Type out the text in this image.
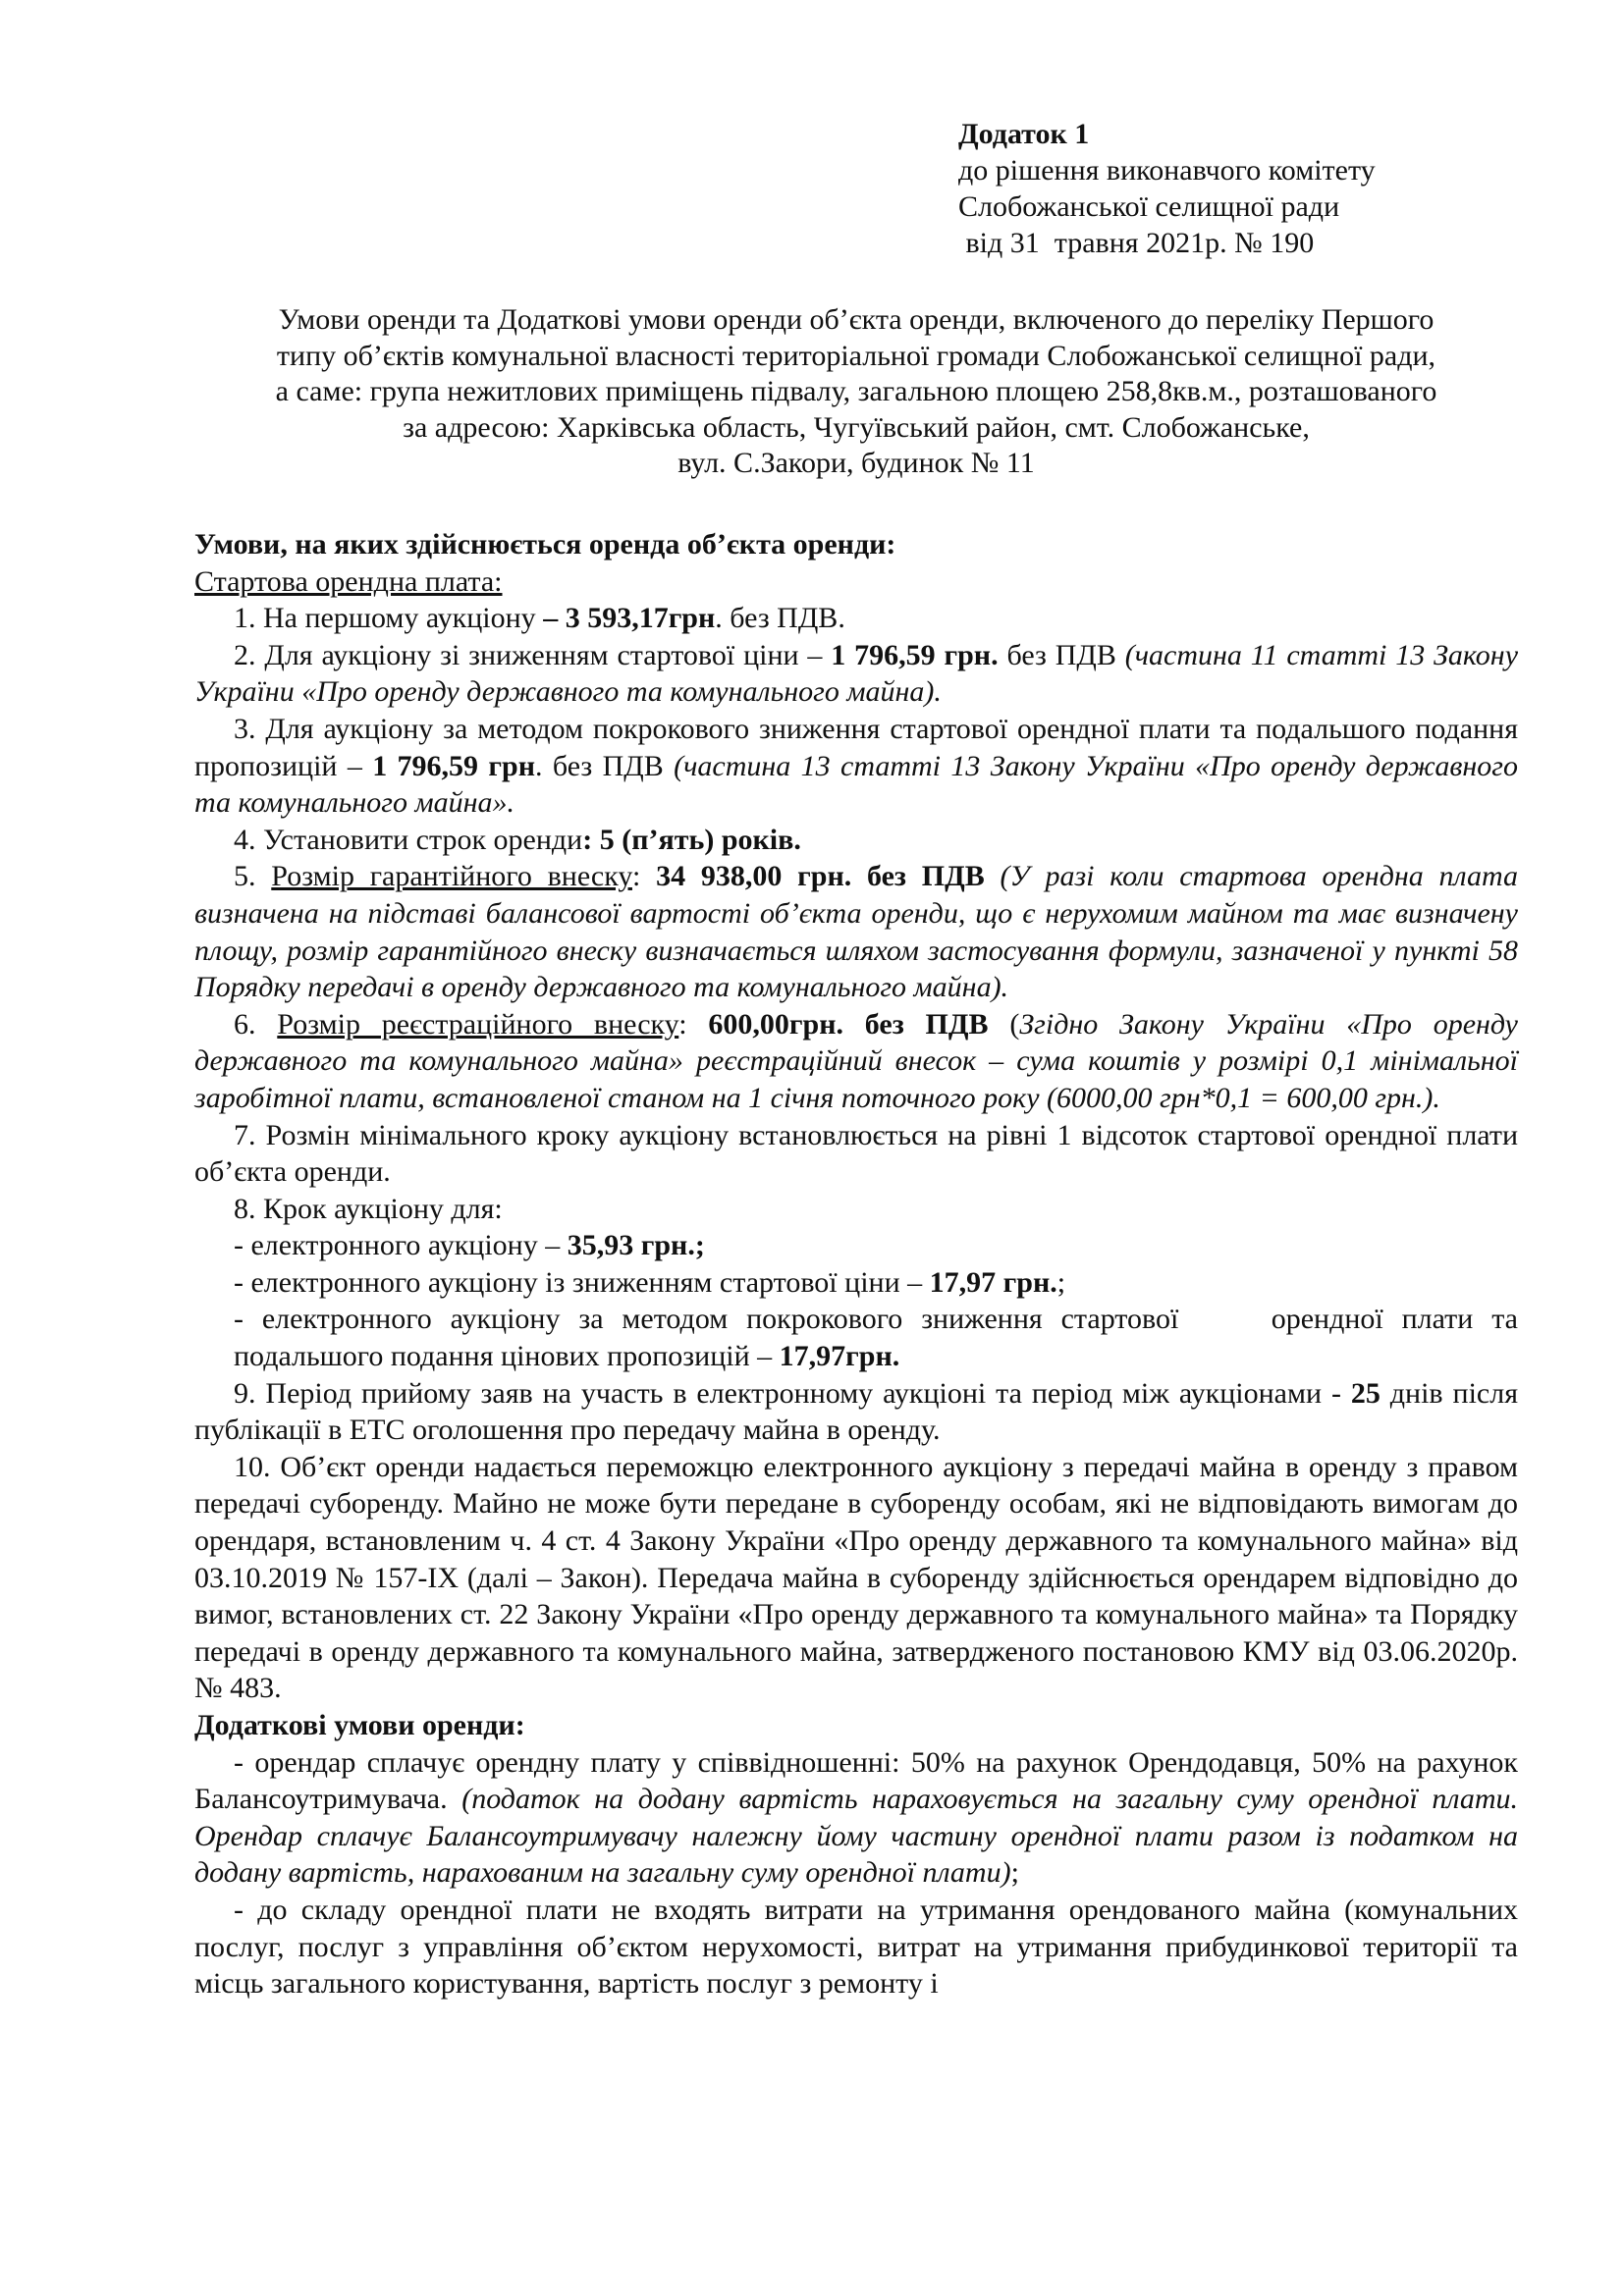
Додаток 1
до рішення виконавчого комітету
Слобожанської селищної ради
від 31  травня 2021р. № 190
Умови оренди та Додаткові умови оренди об’єкта оренди, включеного до переліку Першого
типу об’єктів комунальної власності територіальної громади Слобожанської селищної ради,
а саме: група нежитлових приміщень підвалу, загальною площею 258,8кв.м., розташованого
за адресою: Харківська область, Чугуївський район, смт. Слобожанське,
вул. С.Закори, будинок № 11

Умови, на яких здійснюється оренда об’єкта оренди:

Стартова орендна плата:

1. На першому аукціону – 3 593,17грн. без ПДВ.

2. Для аукціону зі зниженням стартової ціни – 1 796,59 грн. без ПДВ (частина 11 статті 13 Закону України «Про оренду державного та комунального майна).

3. Для аукціону за методом покрокового зниження стартової орендної плати та подальшого подання пропозицій – 1 796,59 грн. без ПДВ (частина 13 статті 13 Закону України «Про оренду державного та комунального майна».

4. Установити строк оренди: 5 (п’ять) років.

5. Розмір гарантійного внеску: 34 938,00 грн. без ПДВ (У разі коли стартова орендна плата визначена на підставі балансової вартості об’єкта оренди, що є нерухомим майном та має визначену площу, розмір гарантійного внеску визначається шляхом застосування формули, зазначеної у пункті 58 Порядку передачі в оренду державного та комунального майна).

6. Розмір реєстраційного внеску: 600,00грн. без ПДВ (Згідно Закону України «Про оренду державного та комунального майна» реєстраційний внесок – сума коштів у розмірі 0,1 мінімальної заробітної плати, встановленої станом на 1 січня поточного року (6000,00 грн*0,1 = 600,00 грн.).

7. Розмін мінімального кроку аукціону встановлюється на рівні 1 відсоток стартової орендної плати об’єкта оренди.

8. Крок аукціону для:

- електронного аукціону – 35,93 грн.;

- електронного аукціону із зниженням стартової ціни – 17,97 грн.;

- електронного аукціону за методом покрокового зниження стартової     орендної плати та подальшого подання цінових пропозицій – 17,97грн.

9. Період прийому заяв на участь в електронному аукціоні та період між аукціонами - 25 днів після публікації в ЕТС оголошення про передачу майна в оренду.

10. Об’єкт оренди надається переможцю електронного аукціону з передачі майна в оренду з правом передачі суборенду. Майно не може бути передане в суборенду особам, які не відповідають вимогам до орендаря, встановленим ч. 4 ст. 4 Закону України «Про оренду державного та комунального майна» від 03.10.2019 № 157-IX (далі – Закон). Передача майна в суборенду здійснюється орендарем відповідно до вимог, встановлених ст. 22 Закону України «Про оренду державного та комунального майна» та Порядку передачі в оренду державного та комунального майна, затвердженого постановою КМУ від 03.06.2020р. № 483.

Додаткові умови оренди:

- орендар сплачує орендну плату у співвідношенні: 50% на рахунок Орендодавця, 50% на рахунок Балансоутримувача. (податок на додану вартість нараховується на загальну суму орендної плати. Орендар сплачує Балансоутримувачу належну йому частину орендної плати разом із податком на додану вартість, нарахованим на загальну суму орендної плати);

- до складу орендної плати не входять витрати на утримання орендованого майна (комунальних послуг, послуг з управління об’єктом нерухомості, витрат на утримання прибудинкової території та місць загального користування, вартість послуг з ремонту і
